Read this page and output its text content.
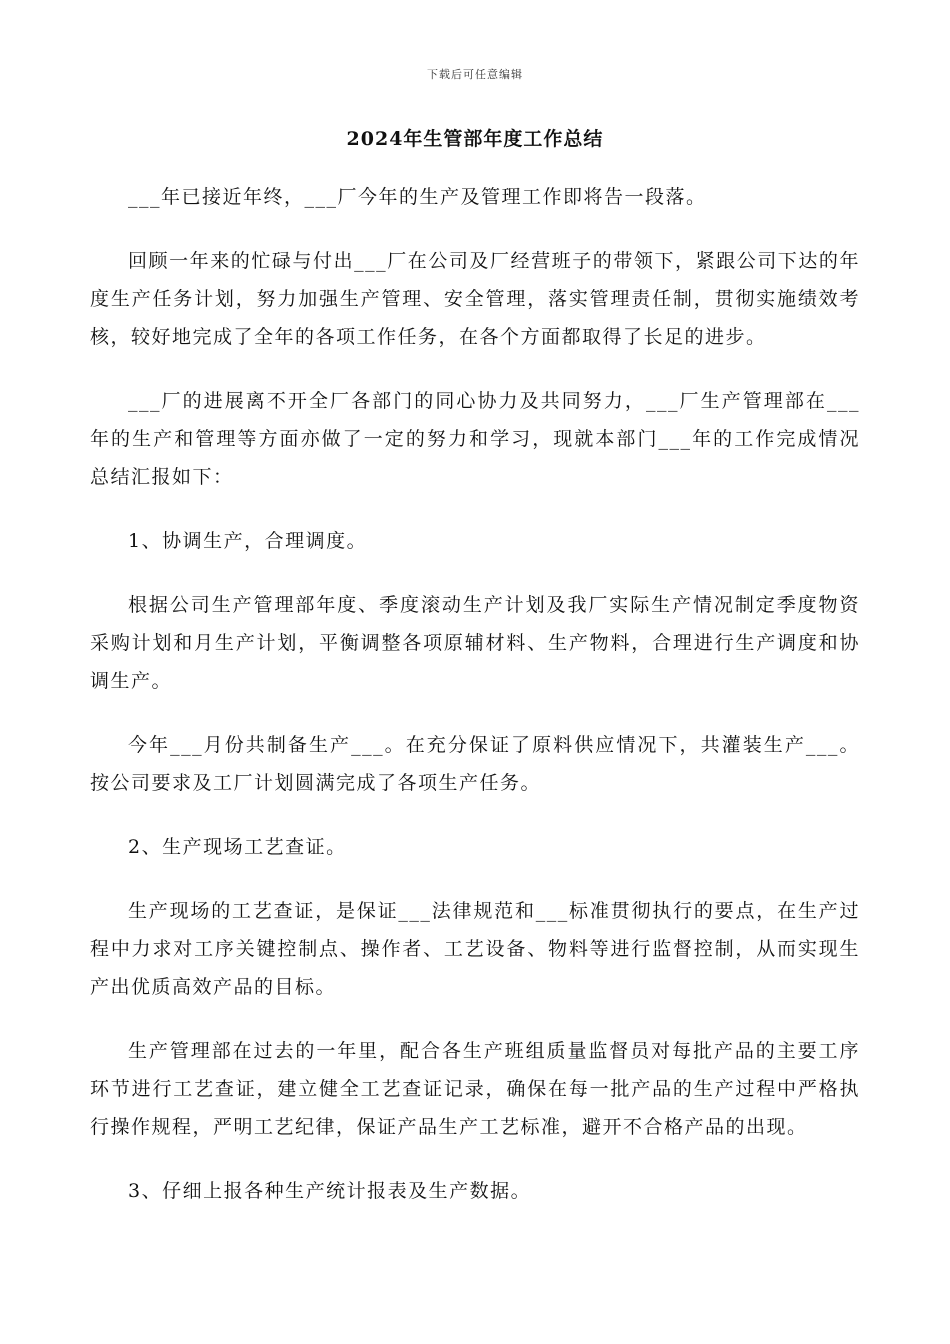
下载后可任意编辑
2024年生管部年度工作总结

___年已接近年终，___厂今年的生产及管理工作即将告一段落。

回顾一年来的忙碌与付出___厂在公司及厂经营班子的带领下，紧跟公司下达的年度生产任务计划，努力加强生产管理、安全管理，落实管理责任制，贯彻实施绩效考核，较好地完成了全年的各项工作任务，在各个方面都取得了长足的进步。

___厂的进展离不开全厂各部门的同心协力及共同努力，___厂生产管理部在___年的生产和管理等方面亦做了一定的努力和学习，现就本部门___年的工作完成情况总结汇报如下：

1、协调生产，合理调度。

根据公司生产管理部年度、季度滚动生产计划及我厂实际生产情况制定季度物资采购计划和月生产计划，平衡调整各项原辅材料、生产物料，合理进行生产调度和协调生产。

今年___月份共制备生产___。在充分保证了原料供应情况下，共灌装生产___。按公司要求及工厂计划圆满完成了各项生产任务。

2、生产现场工艺查证。

生产现场的工艺查证，是保证___法律规范和___标准贯彻执行的要点，在生产过程中力求对工序关键控制点、操作者、工艺设备、物料等进行监督控制，从而实现生产出优质高效产品的目标。

生产管理部在过去的一年里，配合各生产班组质量监督员对每批产品的主要工序环节进行工艺查证，建立健全工艺查证记录，确保在每一批产品的生产过程中严格执行操作规程，严明工艺纪律，保证产品生产工艺标准，避开不合格产品的出现。

3、仔细上报各种生产统计报表及生产数据。
